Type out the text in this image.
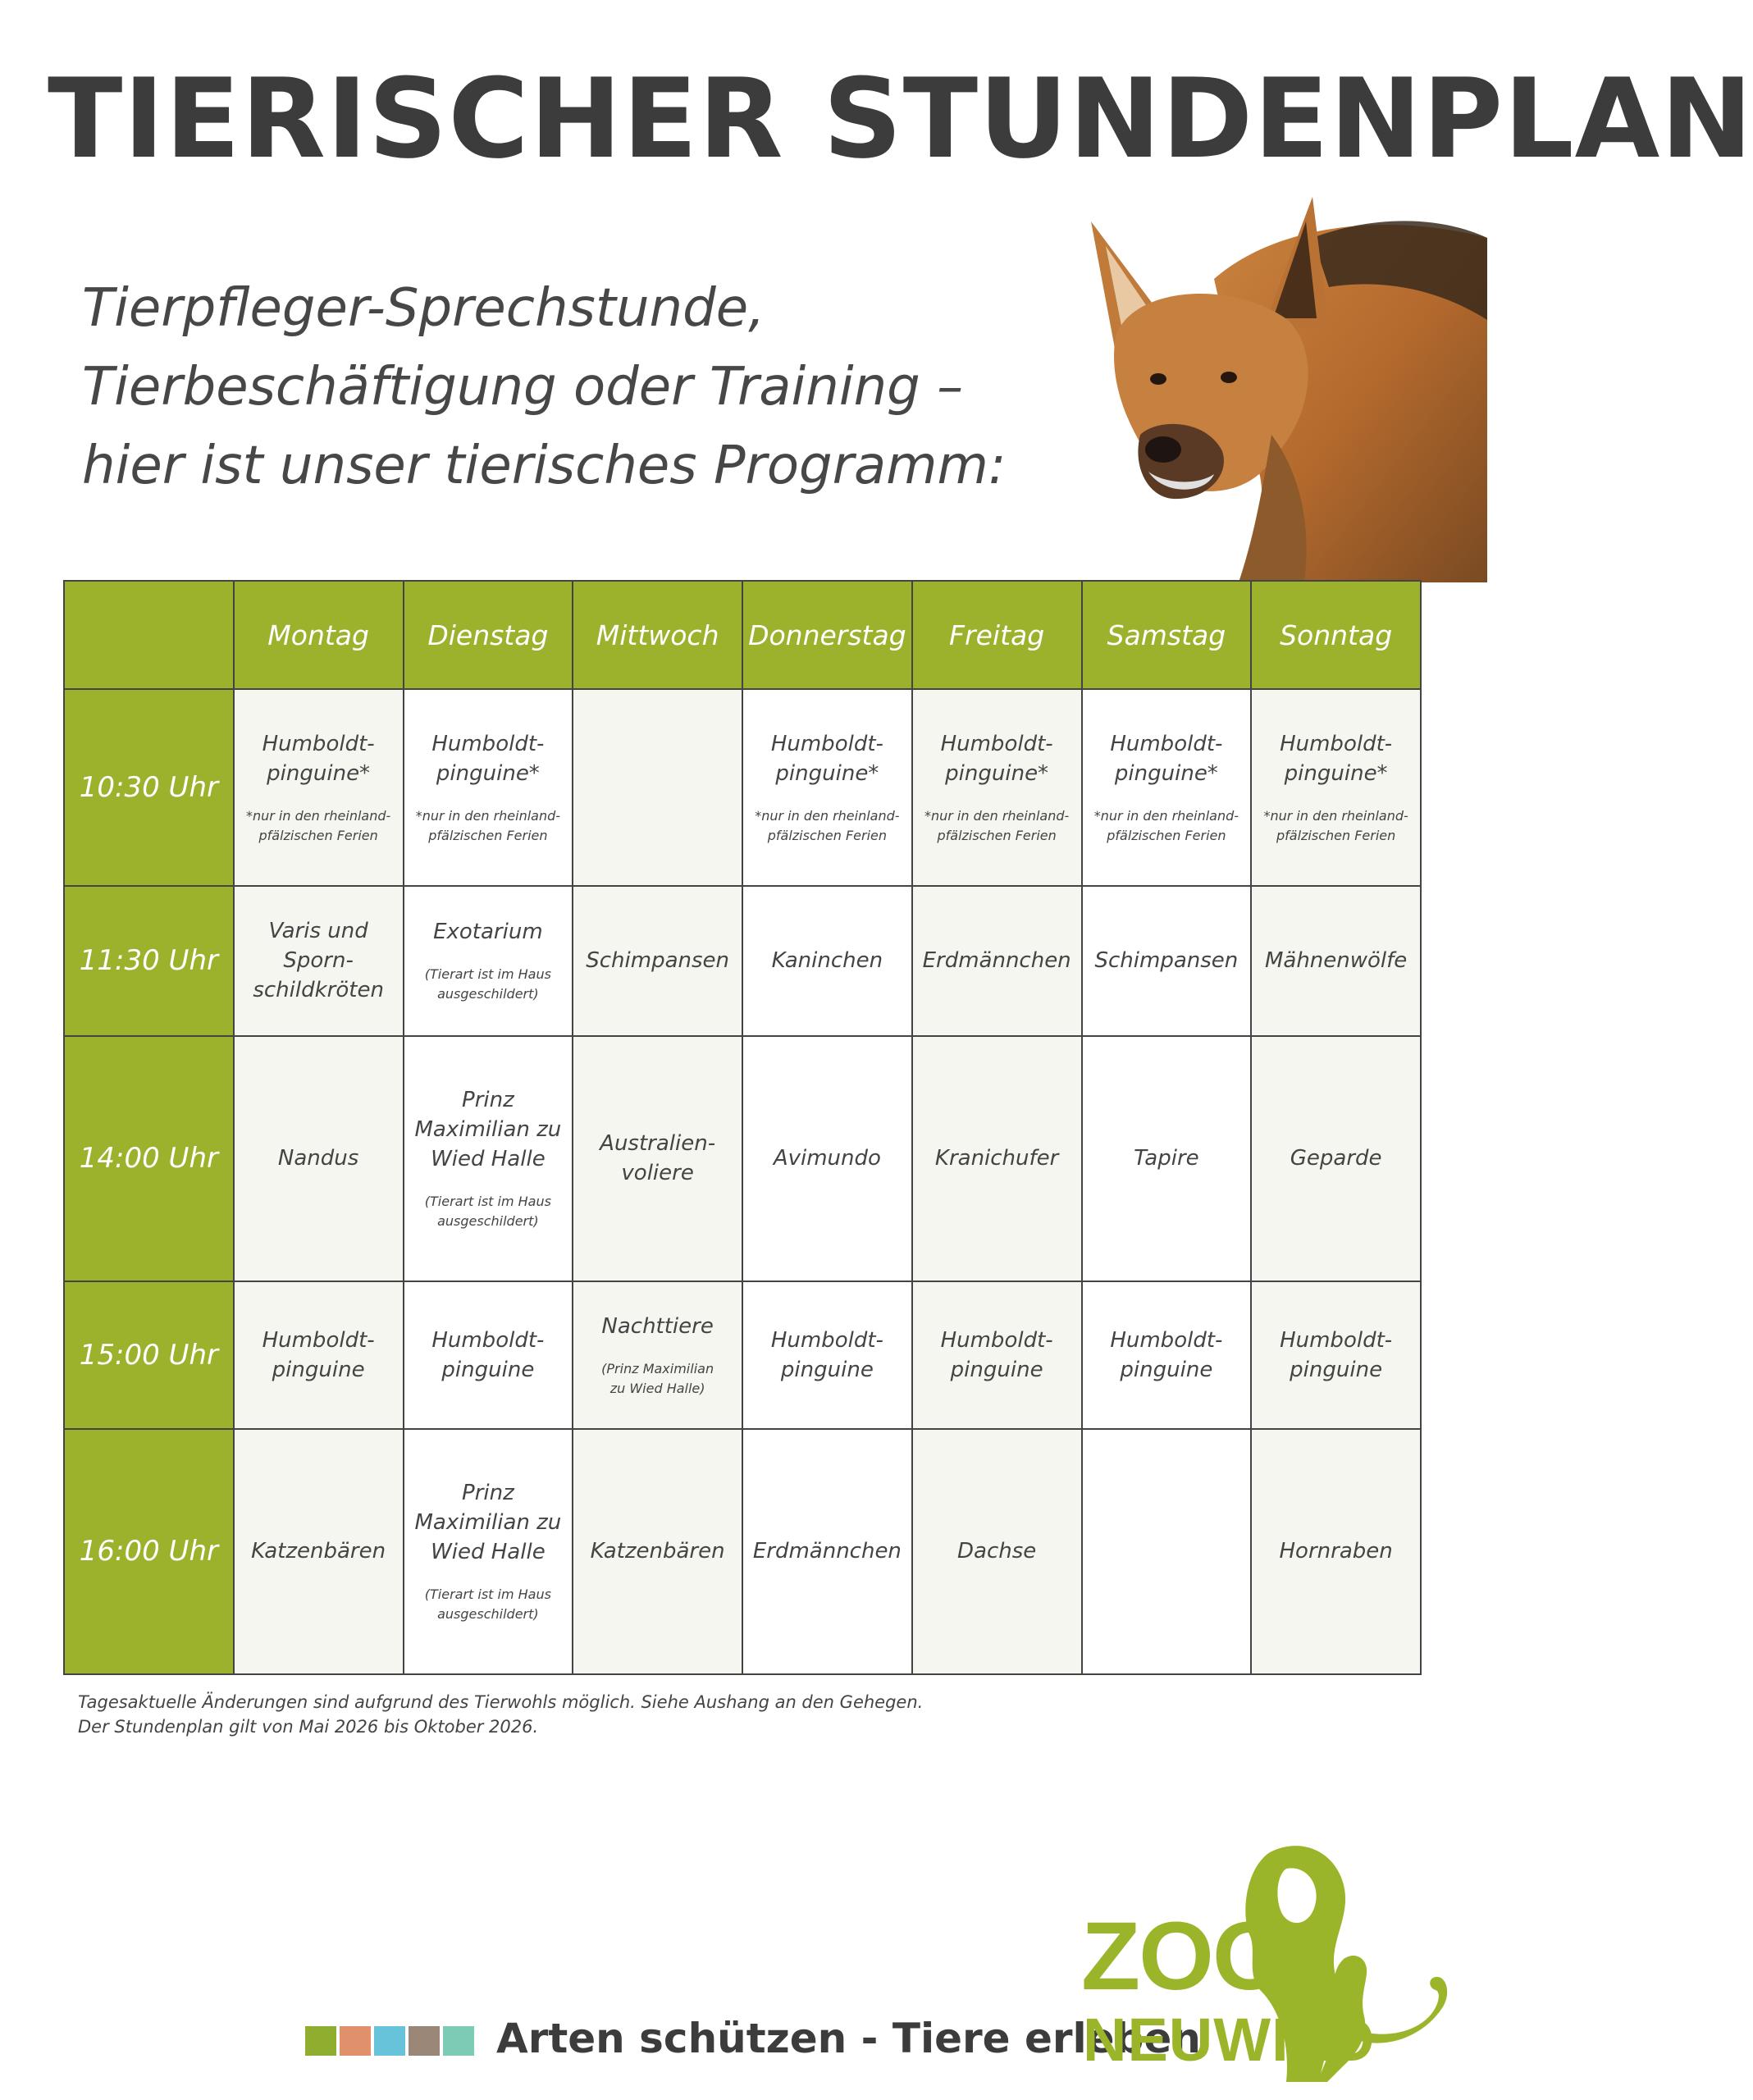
TIERISCHER STUNDENPLAN
Tierpfleger-Sprechstunde,
Tierbeschäftigung oder Training –
hier ist unser tierisches Programm:
	Montag	Dienstag	Mittwoch	Donnerstag	Freitag	Samstag	Sonntag
10:30 Uhr	Humboldt-
pinguine*
*nur in den rheinland-
pfälzischen Ferien	Humboldt-
pinguine*
*nur in den rheinland-
pfälzischen Ferien		Humboldt-
pinguine*
*nur in den rheinland-
pfälzischen Ferien	Humboldt-
pinguine*
*nur in den rheinland-
pfälzischen Ferien	Humboldt-
pinguine*
*nur in den rheinland-
pfälzischen Ferien	Humboldt-
pinguine*
*nur in den rheinland-
pfälzischen Ferien

11:30 Uhr	Varis und
Sporn-
schildkröten	Exotarium
(Tierart ist im Haus
ausgeschildert)	Schimpansen	Kaninchen	Erdmännchen	Schimpansen	Mähnenwölfe

14:00 Uhr	Nandus	Prinz
Maximilian zu
Wied Halle
(Tierart ist im Haus
ausgeschildert)	Australien-
voliere	Avimundo	Kranichufer	Tapire	Geparde

15:00 Uhr	Humboldt-
pinguine	Humboldt-
pinguine	Nachttiere
(Prinz Maximilian
zu Wied Halle)	Humboldt-
pinguine	Humboldt-
pinguine	Humboldt-
pinguine	Humboldt-
pinguine

16:00 Uhr	Katzenbären	Prinz
Maximilian zu
Wied Halle
(Tierart ist im Haus
ausgeschildert)	Katzenbären	Erdmännchen	Dachse		Hornraben
Tagesaktuelle Änderungen sind aufgrund des Tierwohls möglich. Siehe Aushang an den Gehegen.
Der Stundenplan gilt von Mai 2026 bis Oktober 2026.
Arten schützen - Tiere erleben
ZOO
NEUWIED
